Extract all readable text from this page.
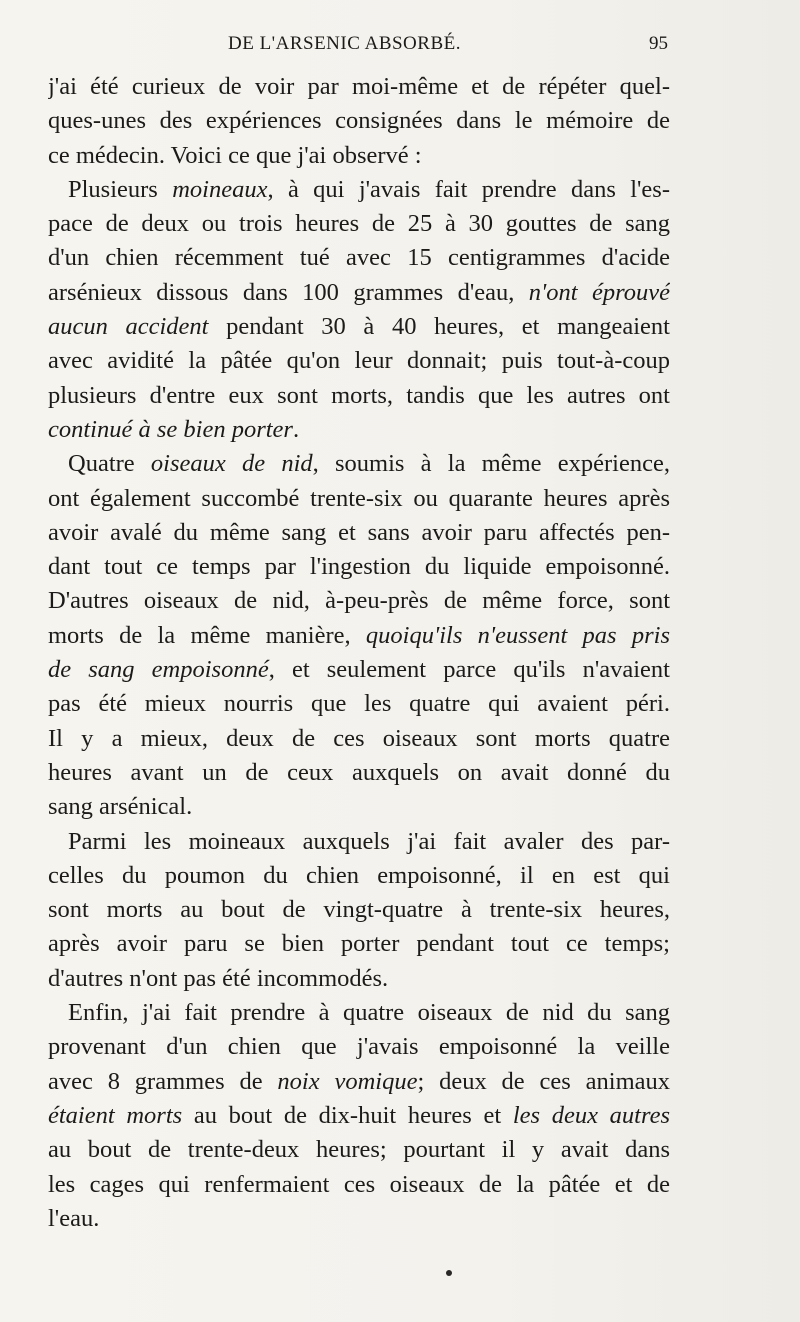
DE L'ARSENIC ABSORBÉ.	95
j'ai été curieux de voir par moi-même et de répéter quel-
ques-unes des expériences consignées dans le mémoire de
ce médecin. Voici ce que j'ai observé :
Plusieurs moineaux, à qui j'avais fait prendre dans l'es-
pace de deux ou trois heures de 25 à 30 gouttes de sang
d'un chien récemment tué avec 15 centigrammes d'acide
arsénieux dissous dans 100 grammes d'eau, n'ont éprouvé
aucun accident pendant 30 à 40 heures, et mangeaient
avec avidité la pâtée qu'on leur donnait; puis tout-à-coup
plusieurs d'entre eux sont morts, tandis que les autres ont
continué à se bien porter.
Quatre oiseaux de nid, soumis à la même expérience,
ont également succombé trente-six ou quarante heures après
avoir avalé du même sang et sans avoir paru affectés pen-
dant tout ce temps par l'ingestion du liquide empoisonné.
D'autres oiseaux de nid, à-peu-près de même force, sont
morts de la même manière, quoiqu'ils n'eussent pas pris
de sang empoisonné, et seulement parce qu'ils n'avaient
pas été mieux nourris que les quatre qui avaient péri.
Il y a mieux, deux de ces oiseaux sont morts quatre
heures avant un de ceux auxquels on avait donné du
sang arsénical.
Parmi les moineaux auxquels j'ai fait avaler des par-
celles du poumon du chien empoisonné, il en est qui
sont morts au bout de vingt-quatre à trente-six heures,
après avoir paru se bien porter pendant tout ce temps;
d'autres n'ont pas été incommodés.
Enfin, j'ai fait prendre à quatre oiseaux de nid du sang
provenant d'un chien que j'avais empoisonné la veille
avec 8 grammes de noix vomique; deux de ces animaux
étaient morts au bout de dix-huit heures et les deux autres
au bout de trente-deux heures; pourtant il y avait dans
les cages qui renfermaient ces oiseaux de la pâtée et de
l'eau.
